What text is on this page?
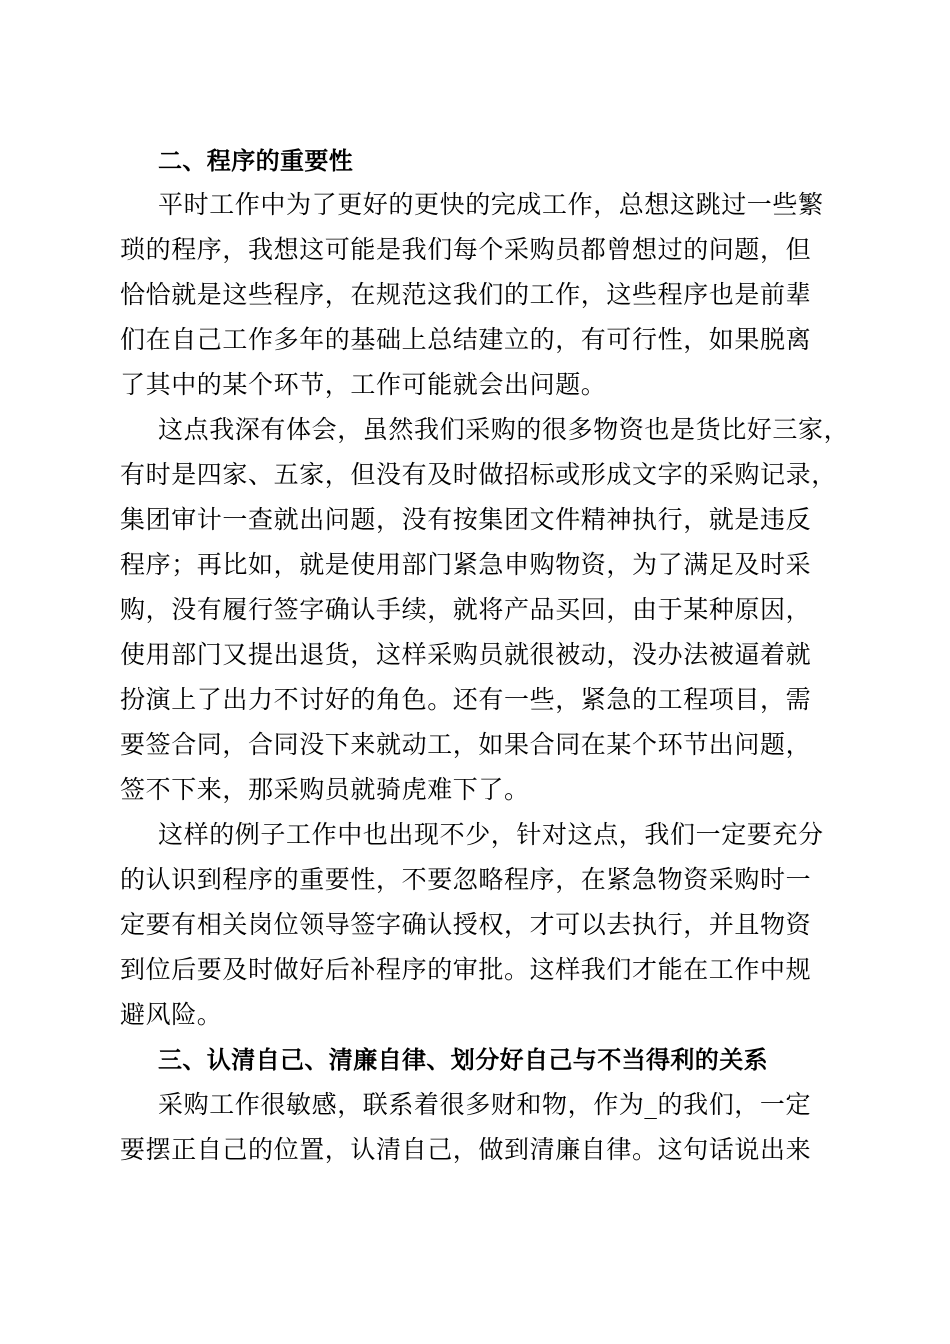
二、程序的重要性
平时工作中为了更好的更快的完成工作，总想这跳过一些繁
琐的程序，我想这可能是我们每个采购员都曾想过的问题，但
恰恰就是这些程序，在规范这我们的工作，这些程序也是前辈
们在自己工作多年的基础上总结建立的，有可行性，如果脱离
了其中的某个环节，工作可能就会出问题。
这点我深有体会，虽然我们采购的很多物资也是货比好三家，
有时是四家、五家，但没有及时做招标或形成文字的采购记录，
集团审计一查就出问题，没有按集团文件精神执行，就是违反
程序；再比如，就是使用部门紧急申购物资，为了满足及时采
购，没有履行签字确认手续，就将产品买回，由于某种原因，
使用部门又提出退货，这样采购员就很被动，没办法被逼着就
扮演上了出力不讨好的角色。还有一些，紧急的工程项目，需
要签合同，合同没下来就动工，如果合同在某个环节出问题，
签不下来，那采购员就骑虎难下了。
这样的例子工作中也出现不少，针对这点，我们一定要充分
的认识到程序的重要性，不要忽略程序，在紧急物资采购时一
定要有相关岗位领导签字确认授权，才可以去执行，并且物资
到位后要及时做好后补程序的审批。这样我们才能在工作中规
避风险。
三、认清自己、清廉自律、划分好自己与不当得利的关系
采购工作很敏感，联系着很多财和物，作为_的我们，一定
要摆正自己的位置，认清自己，做到清廉自律。这句话说出来
